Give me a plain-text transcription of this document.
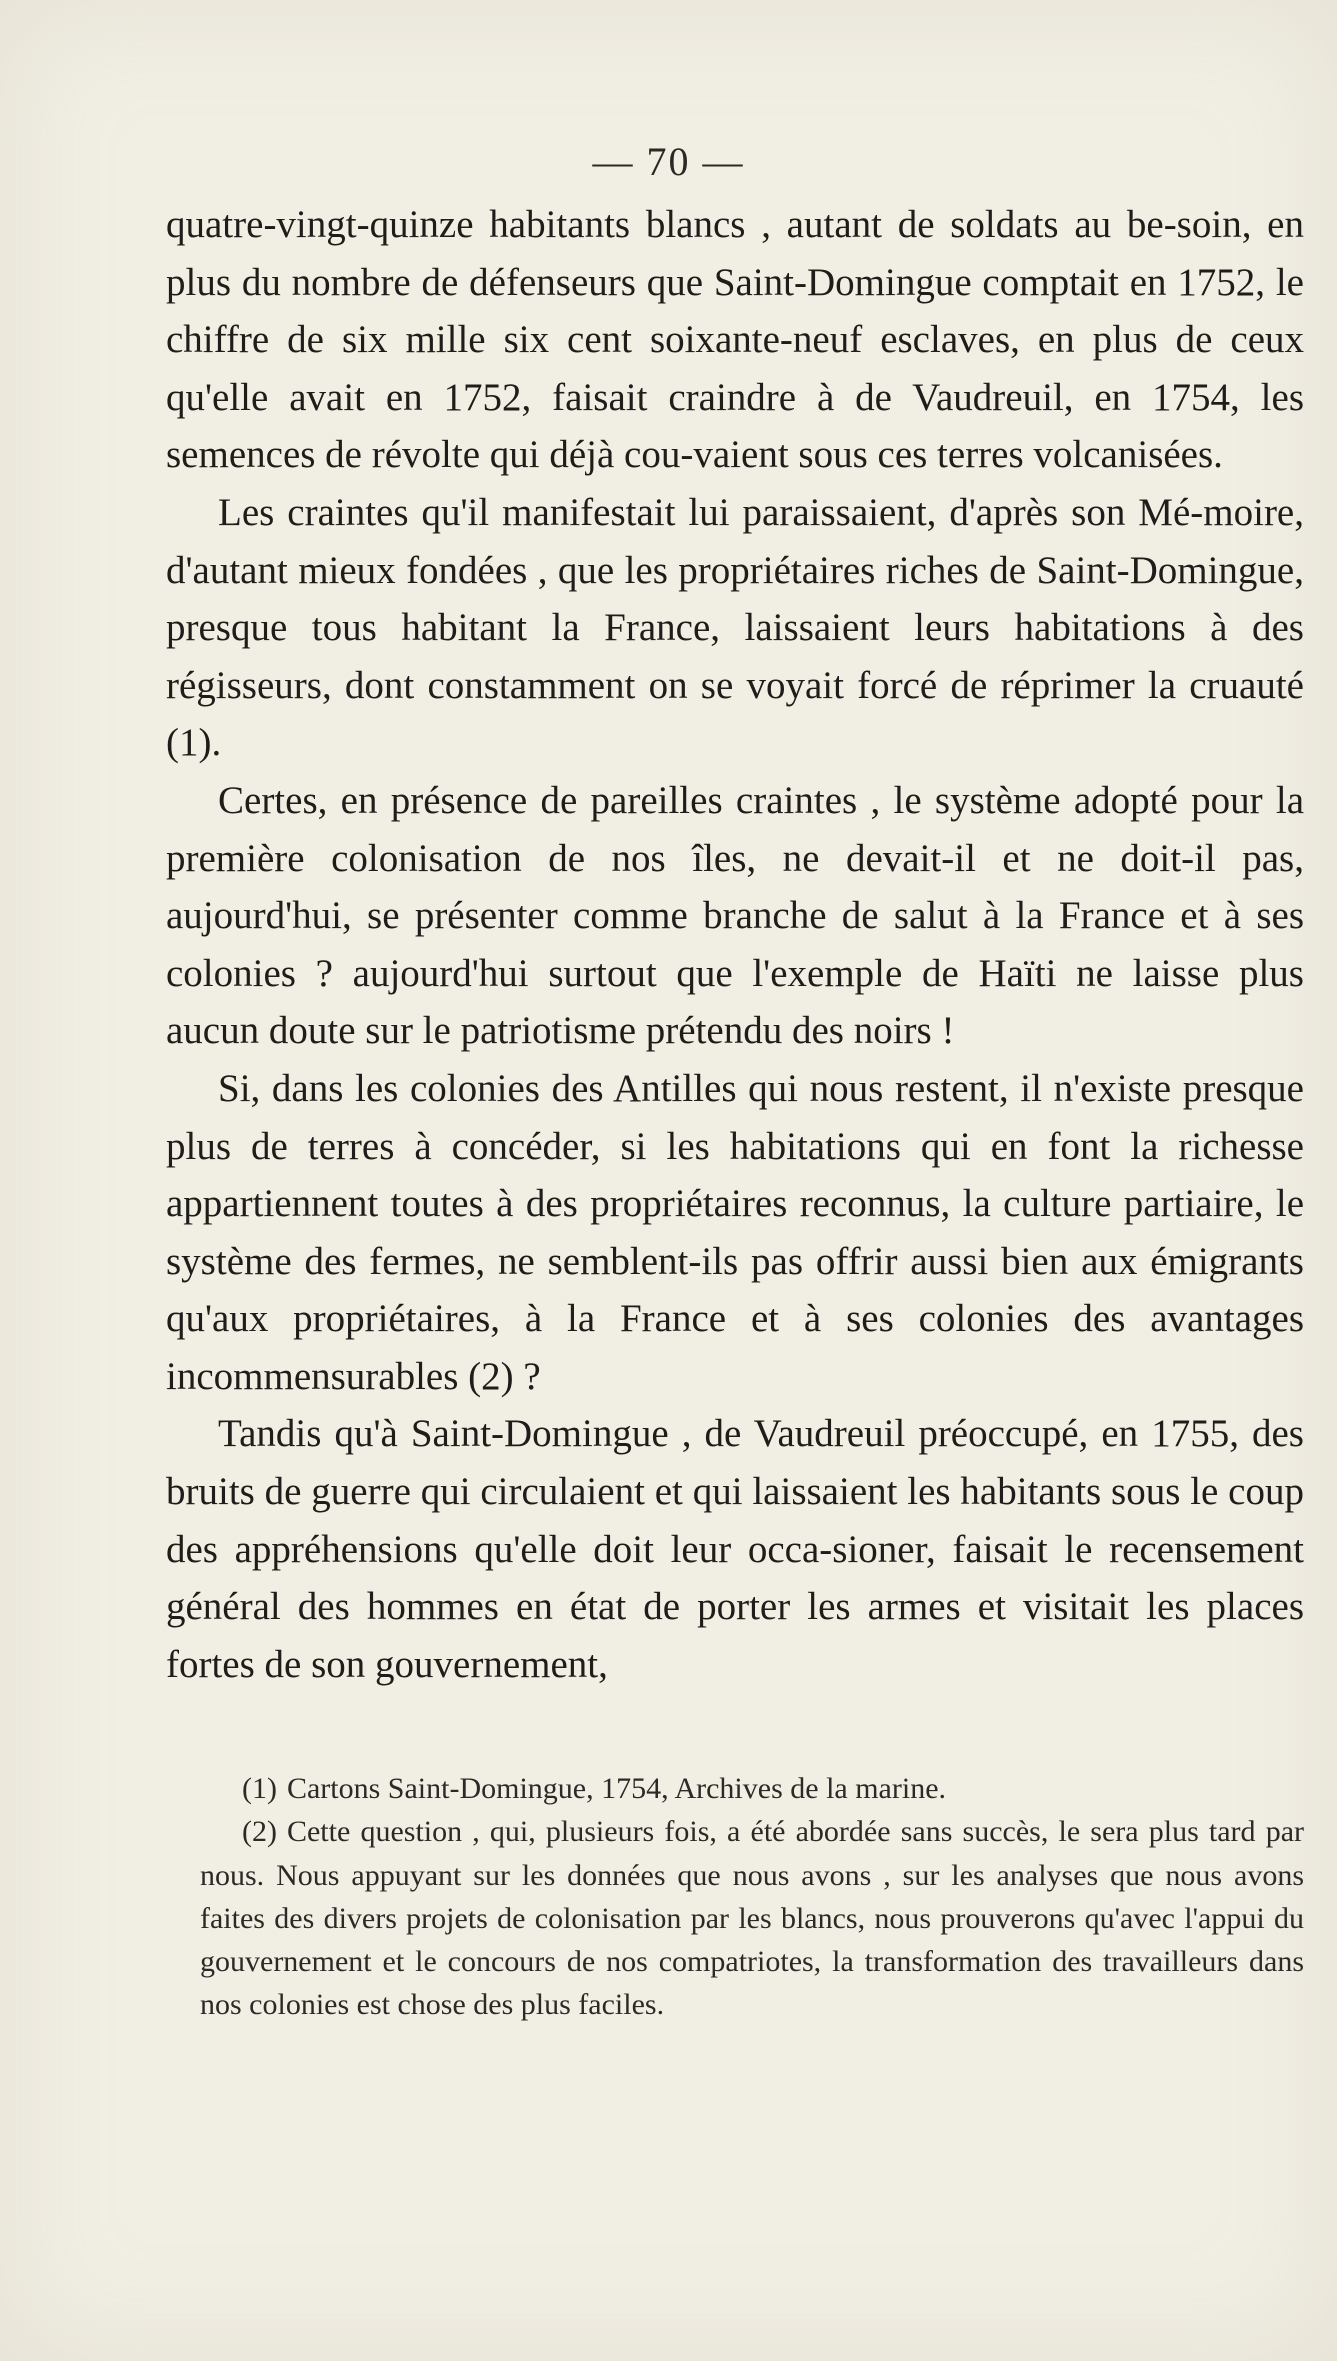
— 70 —

quatre-vingt-quinze habitants blancs , autant de soldats au be-soin, en plus du nombre de défenseurs que Saint-Domingue comptait en 1752, le chiffre de six mille six cent soixante-neuf esclaves, en plus de ceux qu'elle avait en 1752, faisait craindre à de Vaudreuil, en 1754, les semences de révolte qui déjà cou-vaient sous ces terres volcanisées.

Les craintes qu'il manifestait lui paraissaient, d'après son Mé-moire, d'autant mieux fondées , que les propriétaires riches de Saint-Domingue, presque tous habitant la France, laissaient leurs habitations à des régisseurs, dont constamment on se voyait forcé de réprimer la cruauté (1).

Certes, en présence de pareilles craintes , le système adopté pour la première colonisation de nos îles, ne devait-il et ne doit-il pas, aujourd'hui, se présenter comme branche de salut à la France et à ses colonies ? aujourd'hui surtout que l'exemple de Haïti ne laisse plus aucun doute sur le patriotisme prétendu des noirs !

Si, dans les colonies des Antilles qui nous restent, il n'existe presque plus de terres à concéder, si les habitations qui en font la richesse appartiennent toutes à des propriétaires reconnus, la culture partiaire, le système des fermes, ne semblent-ils pas offrir aussi bien aux émigrants qu'aux propriétaires, à la France et à ses colonies des avantages incommensurables (2) ?

Tandis qu'à Saint-Domingue , de Vaudreuil préoccupé, en 1755, des bruits de guerre qui circulaient et qui laissaient les habitants sous le coup des appréhensions qu'elle doit leur occa-sioner, faisait le recensement général des hommes en état de porter les armes et visitait les places fortes de son gouvernement,

(1) Cartons Saint-Domingue, 1754, Archives de la marine.

(2) Cette question , qui, plusieurs fois, a été abordée sans succès, le sera plus tard par nous. Nous appuyant sur les données que nous avons , sur les analyses que nous avons faites des divers projets de colonisation par les blancs, nous prouverons qu'avec l'appui du gouvernement et le concours de nos compatriotes, la transformation des travailleurs dans nos colonies est chose des plus faciles.
